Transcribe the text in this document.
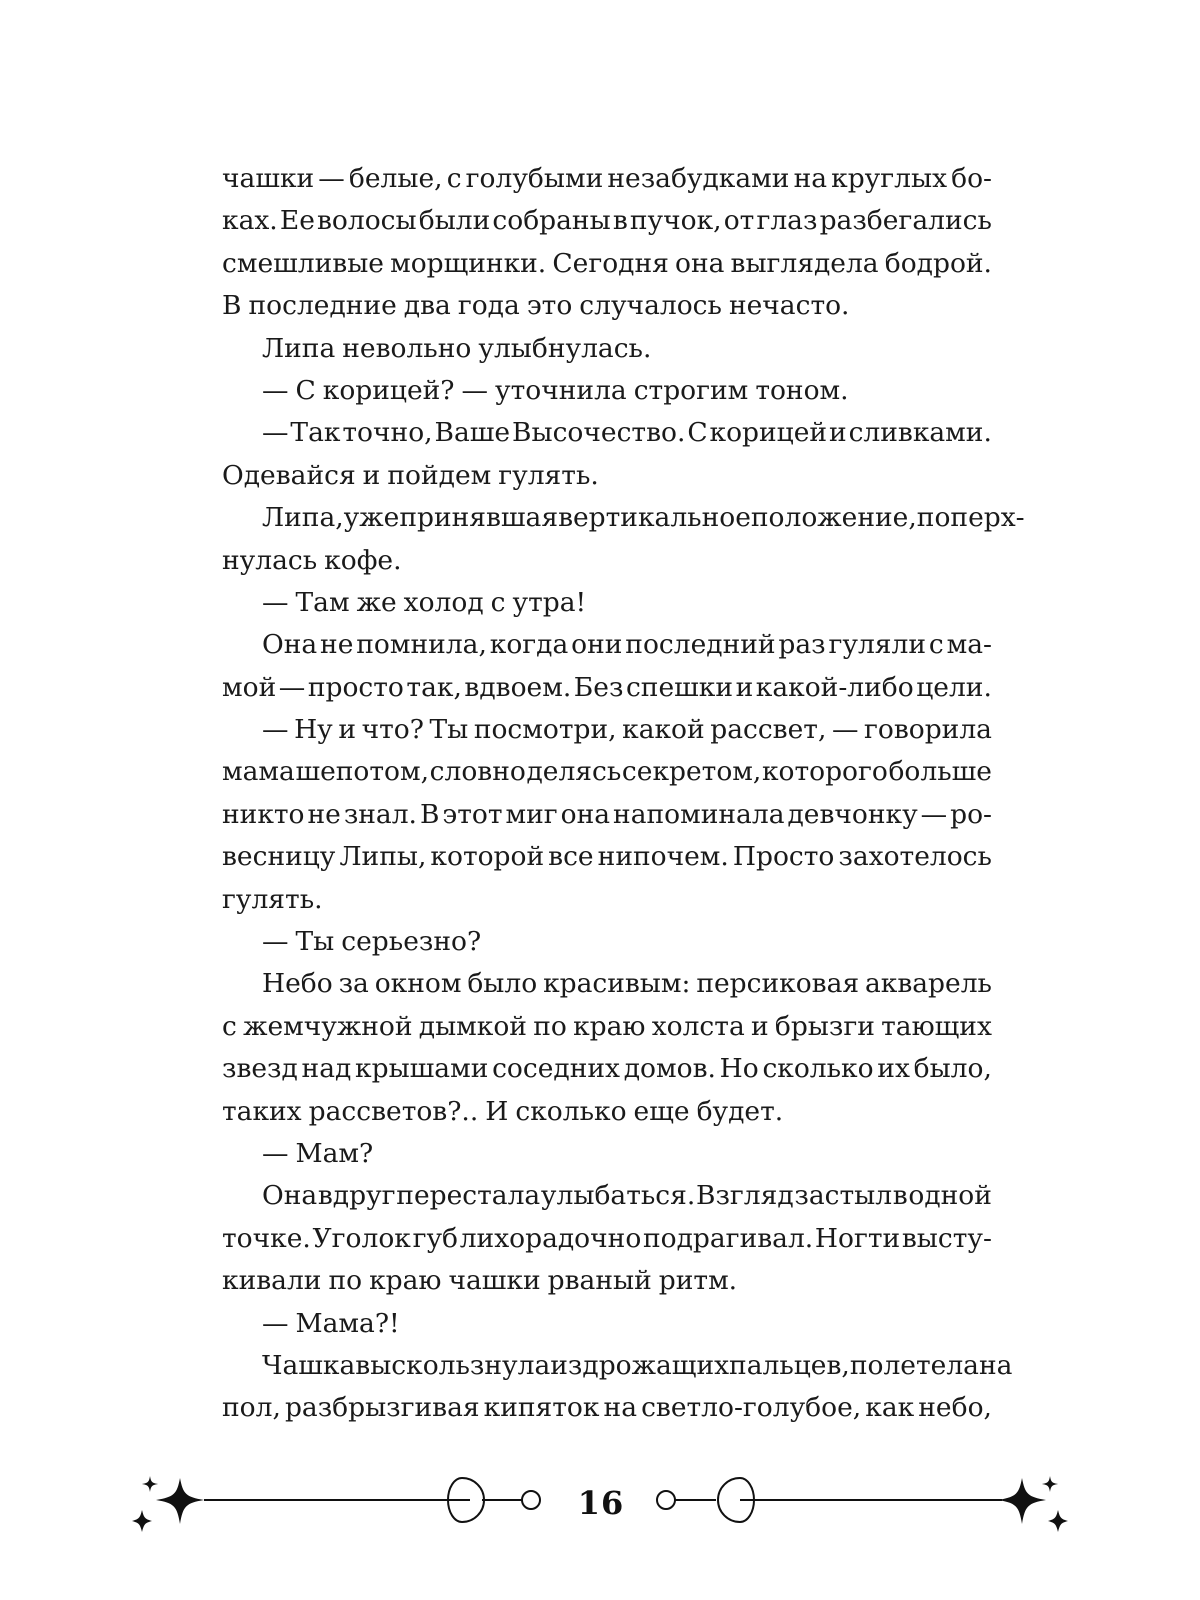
чашки — белые, с голубыми незабудками на круглых бо-
ках. Ее волосы были собраны в пучок, от глаз разбегались
смешливые морщинки. Сегодня она выглядела бодрой.
В последние два года это случалось нечасто.
Липа невольно улыбнулась.
— С корицей? — уточнила строгим тоном.
— Так точно, Ваше Высочество. С корицей и сливками.
Одевайся и пойдем гулять.
Липа, уже принявшая вертикальное положение, поперх-
нулась кофе.
— Там же холод с утра!
Она не помнила, когда они последний раз гуляли с ма-
мой — просто так, вдвоем. Без спешки и какой-либо цели.
— Ну и что? Ты посмотри, какой рассвет, — говорила
мама шепотом, словно делясь секретом, которого больше
никто не знал. В этот миг она напоминала девчонку — ро-
весницу Липы, которой все нипочем. Просто захотелось
гулять.
— Ты серьезно?
Небо за окном было красивым: персиковая акварель
с жемчужной дымкой по краю холста и брызги тающих
звезд над крышами соседних домов. Но сколько их было,
таких рассветов?.. И сколько еще будет.
— Мам?
Она вдруг перестала улыбаться. Взгляд застыл в одной
точке. Уголок губ лихорадочно подрагивал. Ногти высту-
кивали по краю чашки рваный ритм.
— Мама?!
Чашка выскользнула из дрожащих пальцев, полетела на
пол, разбрызгивая кипяток на светло-голубое, как небо,
16
